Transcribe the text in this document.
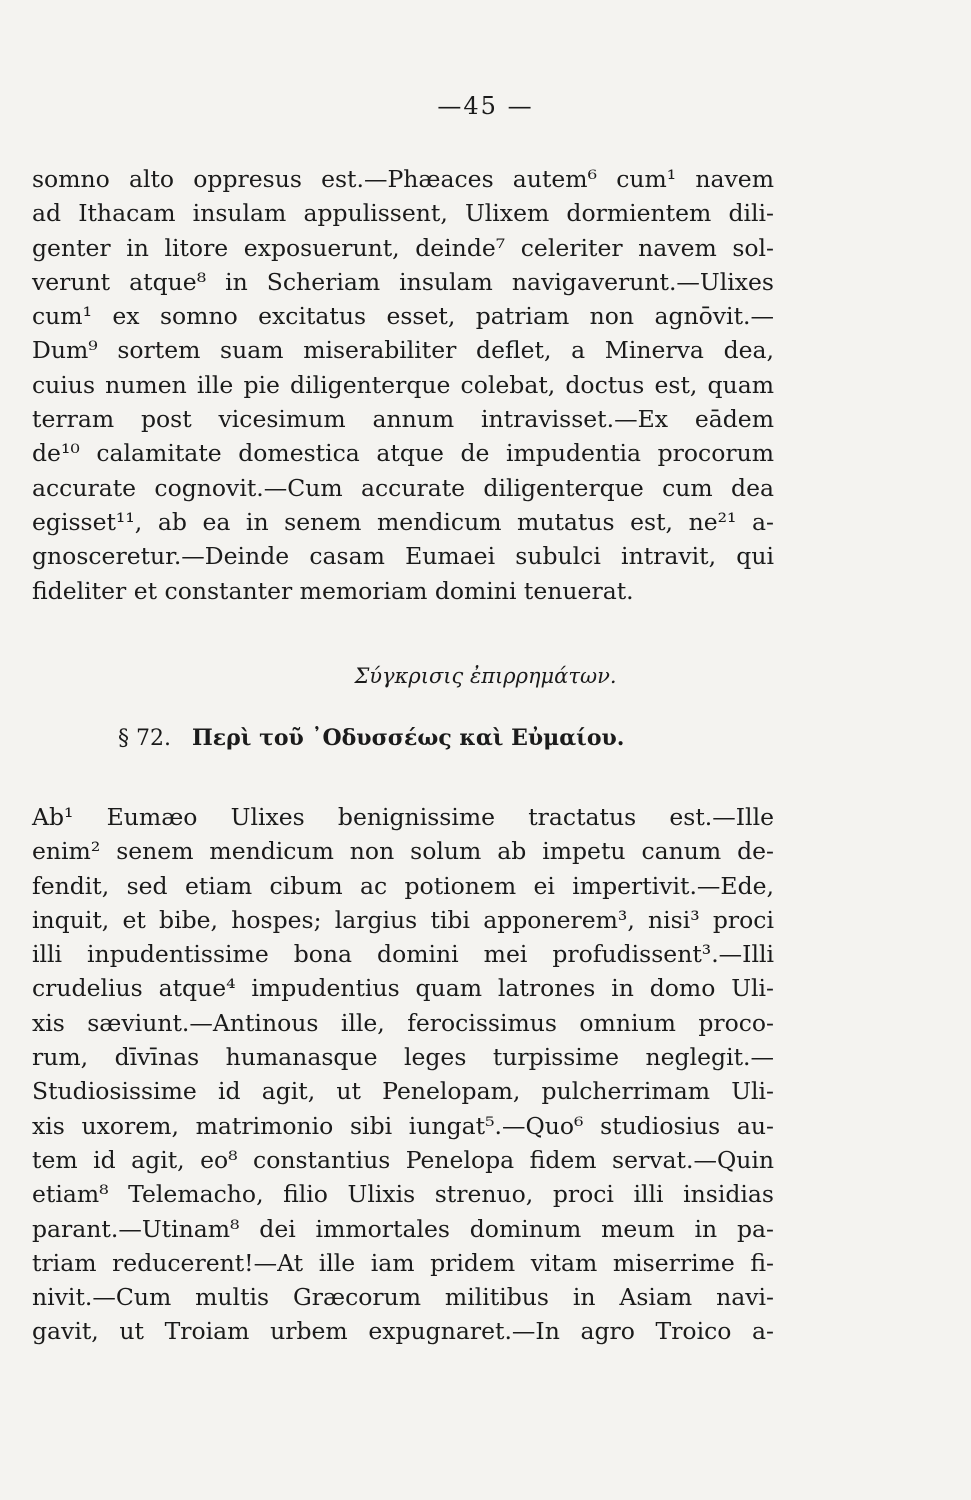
—45 —
somno alto oppresus est.—Phæaces autem⁶ cum¹ navem
ad Ithacam insulam appulissent, Ulixem dormientem dili-
genter in litore exposuerunt, deinde⁷ celeriter navem sol-
verunt atque⁸ in Scheriam insulam navigaverunt.—Ulixes
cum¹ ex somno excitatus esset, patriam non agnōvit.—
Dum⁹ sortem suam miserabiliter deflet, a Minerva dea,
cuius numen ille pie diligenterque colebat, doctus est, quam
terram post vicesimum annum intravisset.—Ex eādem
de¹⁰ calamitate domestica atque de impudentia procorum
accurate cognovit.—Cum accurate diligenterque cum dea
egisset¹¹, ab ea in senem mendicum mutatus est, ne²¹ a-
gnosceretur.—Deinde casam Eumaei subulci intravit, qui
fideliter et constanter memoriam domini tenuerat.
Σύγκρισις ἐπιρρημάτων.
§ 72. Περὶ τοῦ ᾿Οδυσσέως καὶ Εὐμαίου.
Ab¹ Eumæo Ulixes benignissime tractatus est.—Ille
enim² senem mendicum non solum ab impetu canum de-
fendit, sed etiam cibum ac potionem ei impertivit.—Ede,
inquit, et bibe, hospes; largius tibi apponerem³, nisi³ proci
illi inpudentissime bona domini mei profudissent³.—Illi
crudelius atque⁴ impudentius quam latrones in domo Uli-
xis sæviunt.—Antinous ille, ferocissimus omnium proco-
rum, dīvīnas humanasque leges turpissime neglegit.—
Studiosissime id agit, ut Penelopam, pulcherrimam Uli-
xis uxorem, matrimonio sibi iungat⁵.—Quo⁶ studiosius au-
tem id agit, eo⁸ constantius Penelopa fidem servat.—Quin
etiam⁸ Telemacho, filio Ulixis strenuo, proci illi insidias
parant.—Utinam⁸ dei immortales dominum meum in pa-
triam reducerent!—At ille iam pridem vitam miserrime fi-
nivit.—Cum multis Græcorum militibus in Asiam navi-
gavit, ut Troiam urbem expugnaret.—In agro Troico a-
